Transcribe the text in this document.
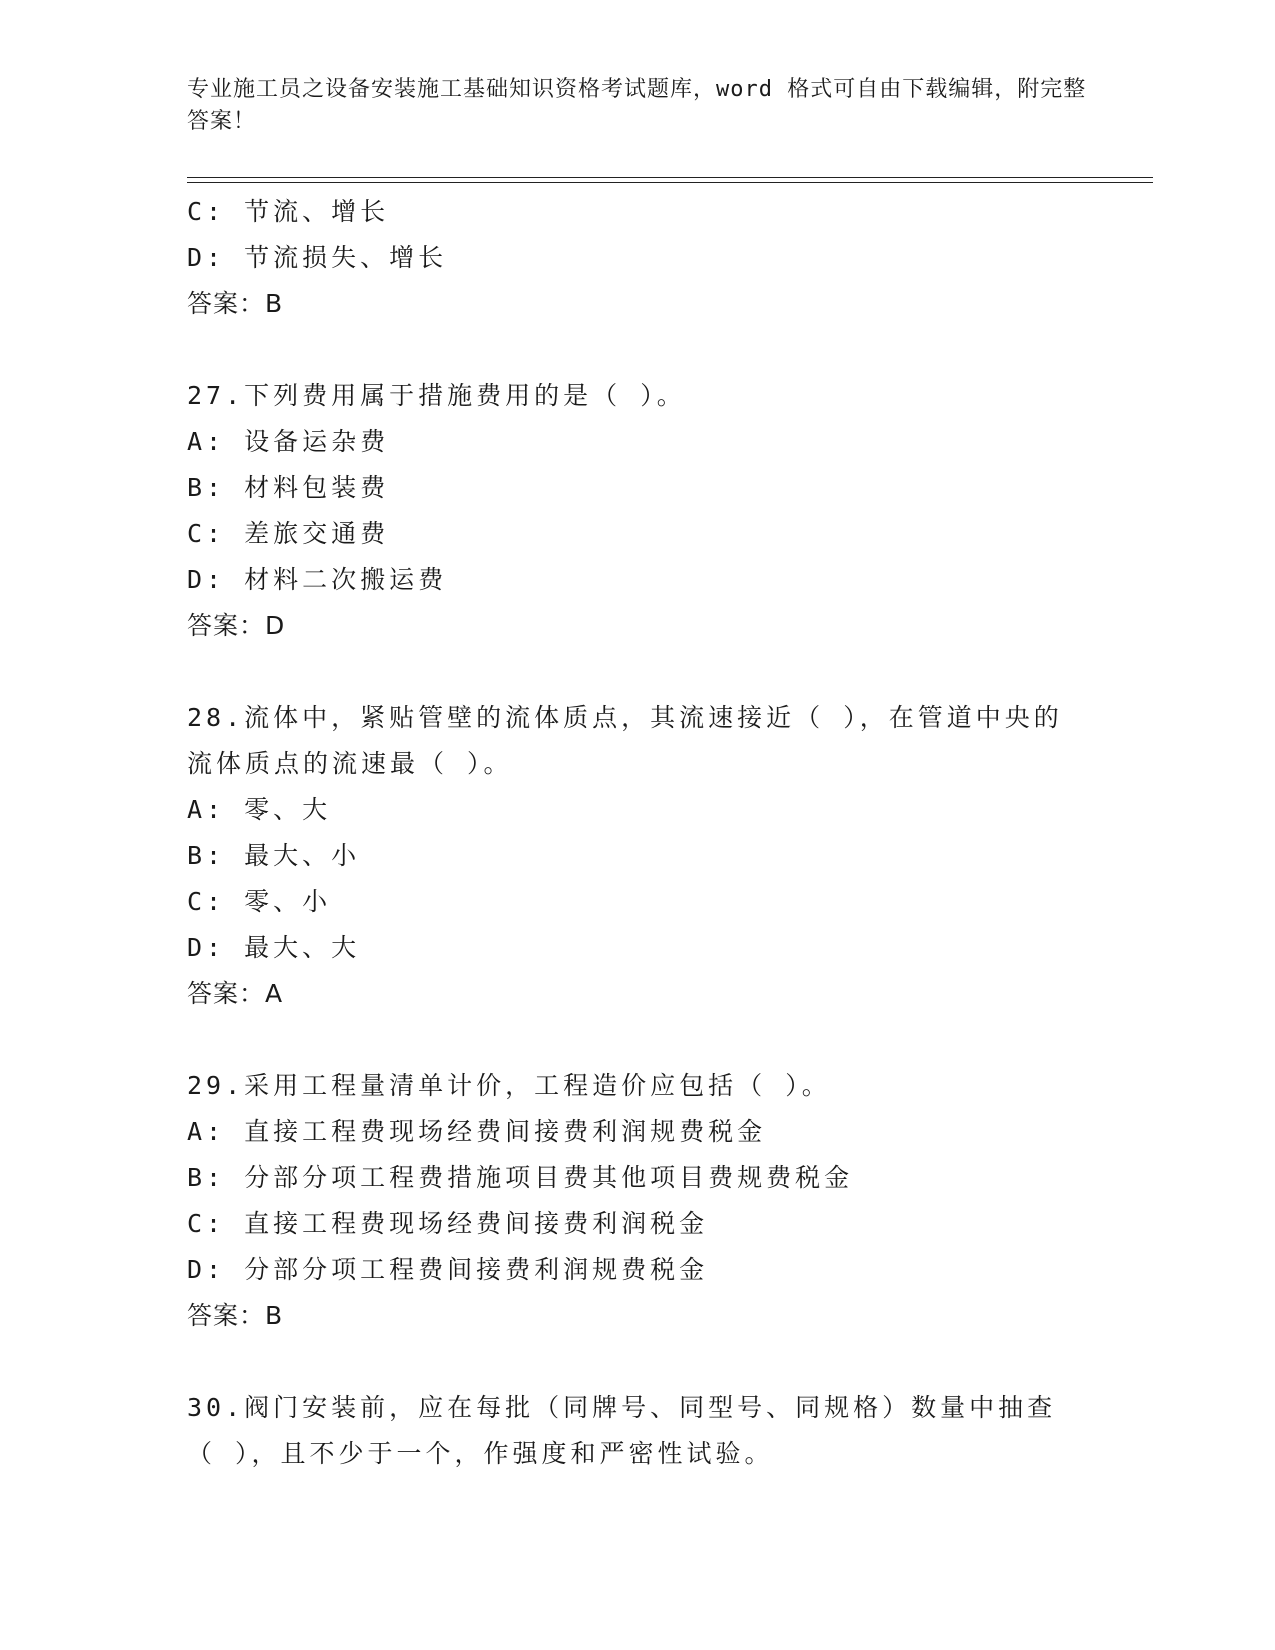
专业施工员之设备安装施工基础知识资格考试题库，word 格式可自由下载编辑，附完整答案！
C: 节流、增长
D: 节流损失、增长
答案：B
27.下列费用属于措施费用的是（ ）。
A: 设备运杂费
B: 材料包装费
C: 差旅交通费
D: 材料二次搬运费
答案：D
28.流体中，紧贴管壁的流体质点，其流速接近（ ），在管道中央的流体质点的流速最（ ）。
A: 零、大
B: 最大、小
C: 零、小
D: 最大、大
答案：A
29.采用工程量清单计价，工程造价应包括（ ）。
A: 直接工程费现场经费间接费利润规费税金
B: 分部分项工程费措施项目费其他项目费规费税金
C: 直接工程费现场经费间接费利润税金
D: 分部分项工程费间接费利润规费税金
答案：B
30.阀门安装前，应在每批（同牌号、同型号、同规格）数量中抽查（ ），且不少于一个，作强度和严密性试验。
